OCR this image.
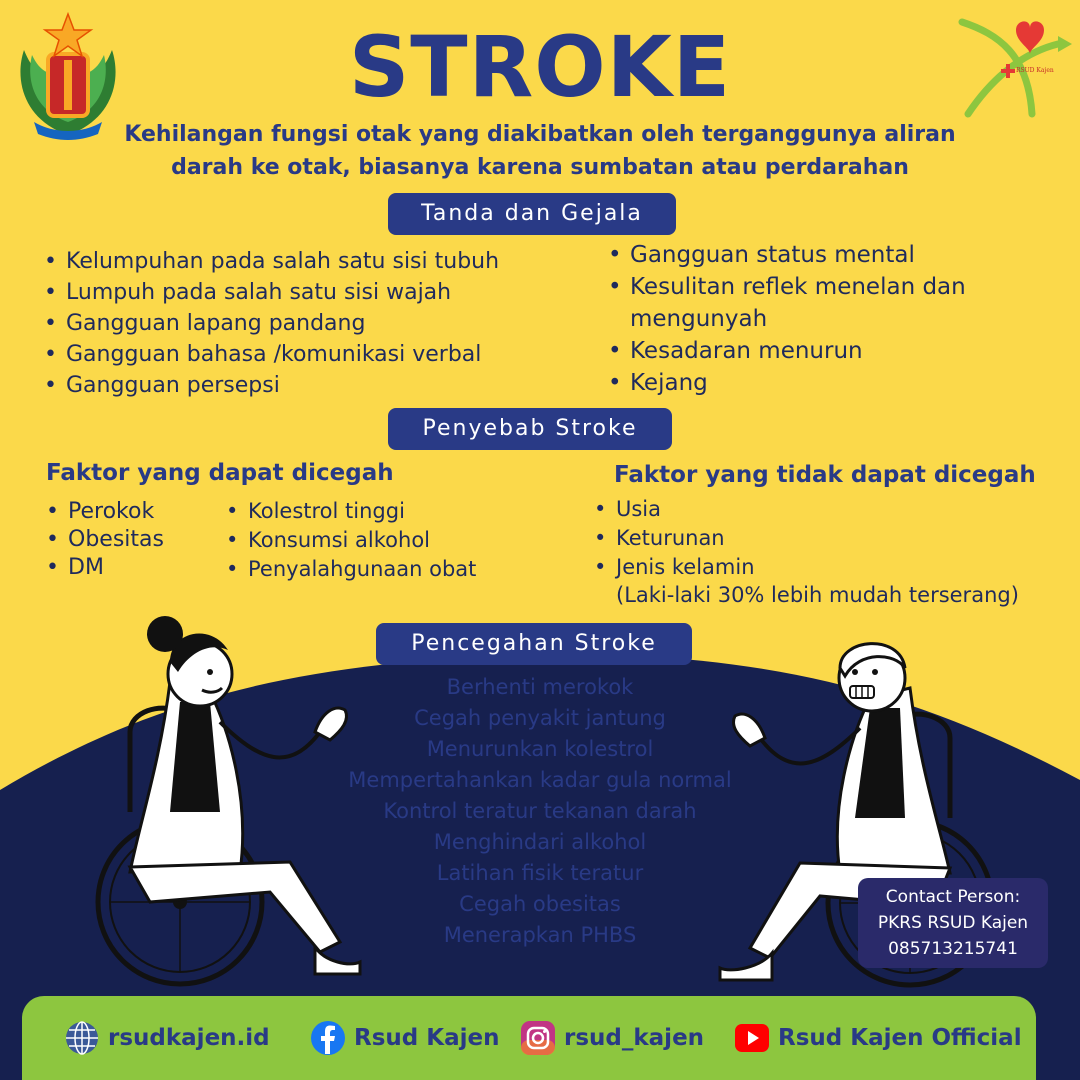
RSUD Kajen
STROKE
Kehilangan fungsi otak yang diakibatkan oleh terganggunya aliran darah ke otak, biasanya karena sumbatan atau perdarahan
Tanda dan Gejala
• Kelumpuhan pada salah satu sisi tubuh
• Lumpuh pada salah satu sisi wajah
• Gangguan lapang pandang
• Gangguan bahasa /komunikasi verbal
• Gangguan persepsi
• Gangguan status mental
• Kesulitan reflek menelan dan mengunyah
• Kesadaran menurun
• Kejang
Penyebab Stroke
Faktor yang dapat dicegah
• Perokok
• Obesitas
• DM
• Kolestrol tinggi
• Konsumsi alkohol
• Penyalahgunaan obat
Faktor yang tidak dapat dicegah
• Usia
• Keturunan
• Jenis kelamin
(Laki-laki 30% lebih mudah terserang)
Pencegahan Stroke
Berhenti merokok
Cegah penyakit jantung
Menurunkan kolestrol
Mempertahankan kadar gula normal
Kontrol teratur tekanan darah
Menghindari alkohol
Latihan fisik teratur
Cegah obesitas
Menerapkan PHBS
Contact Person:
PKRS RSUD Kajen
085713215741
rsudkajen.id	Rsud Kajen	rsud_kajen	Rsud Kajen Official
